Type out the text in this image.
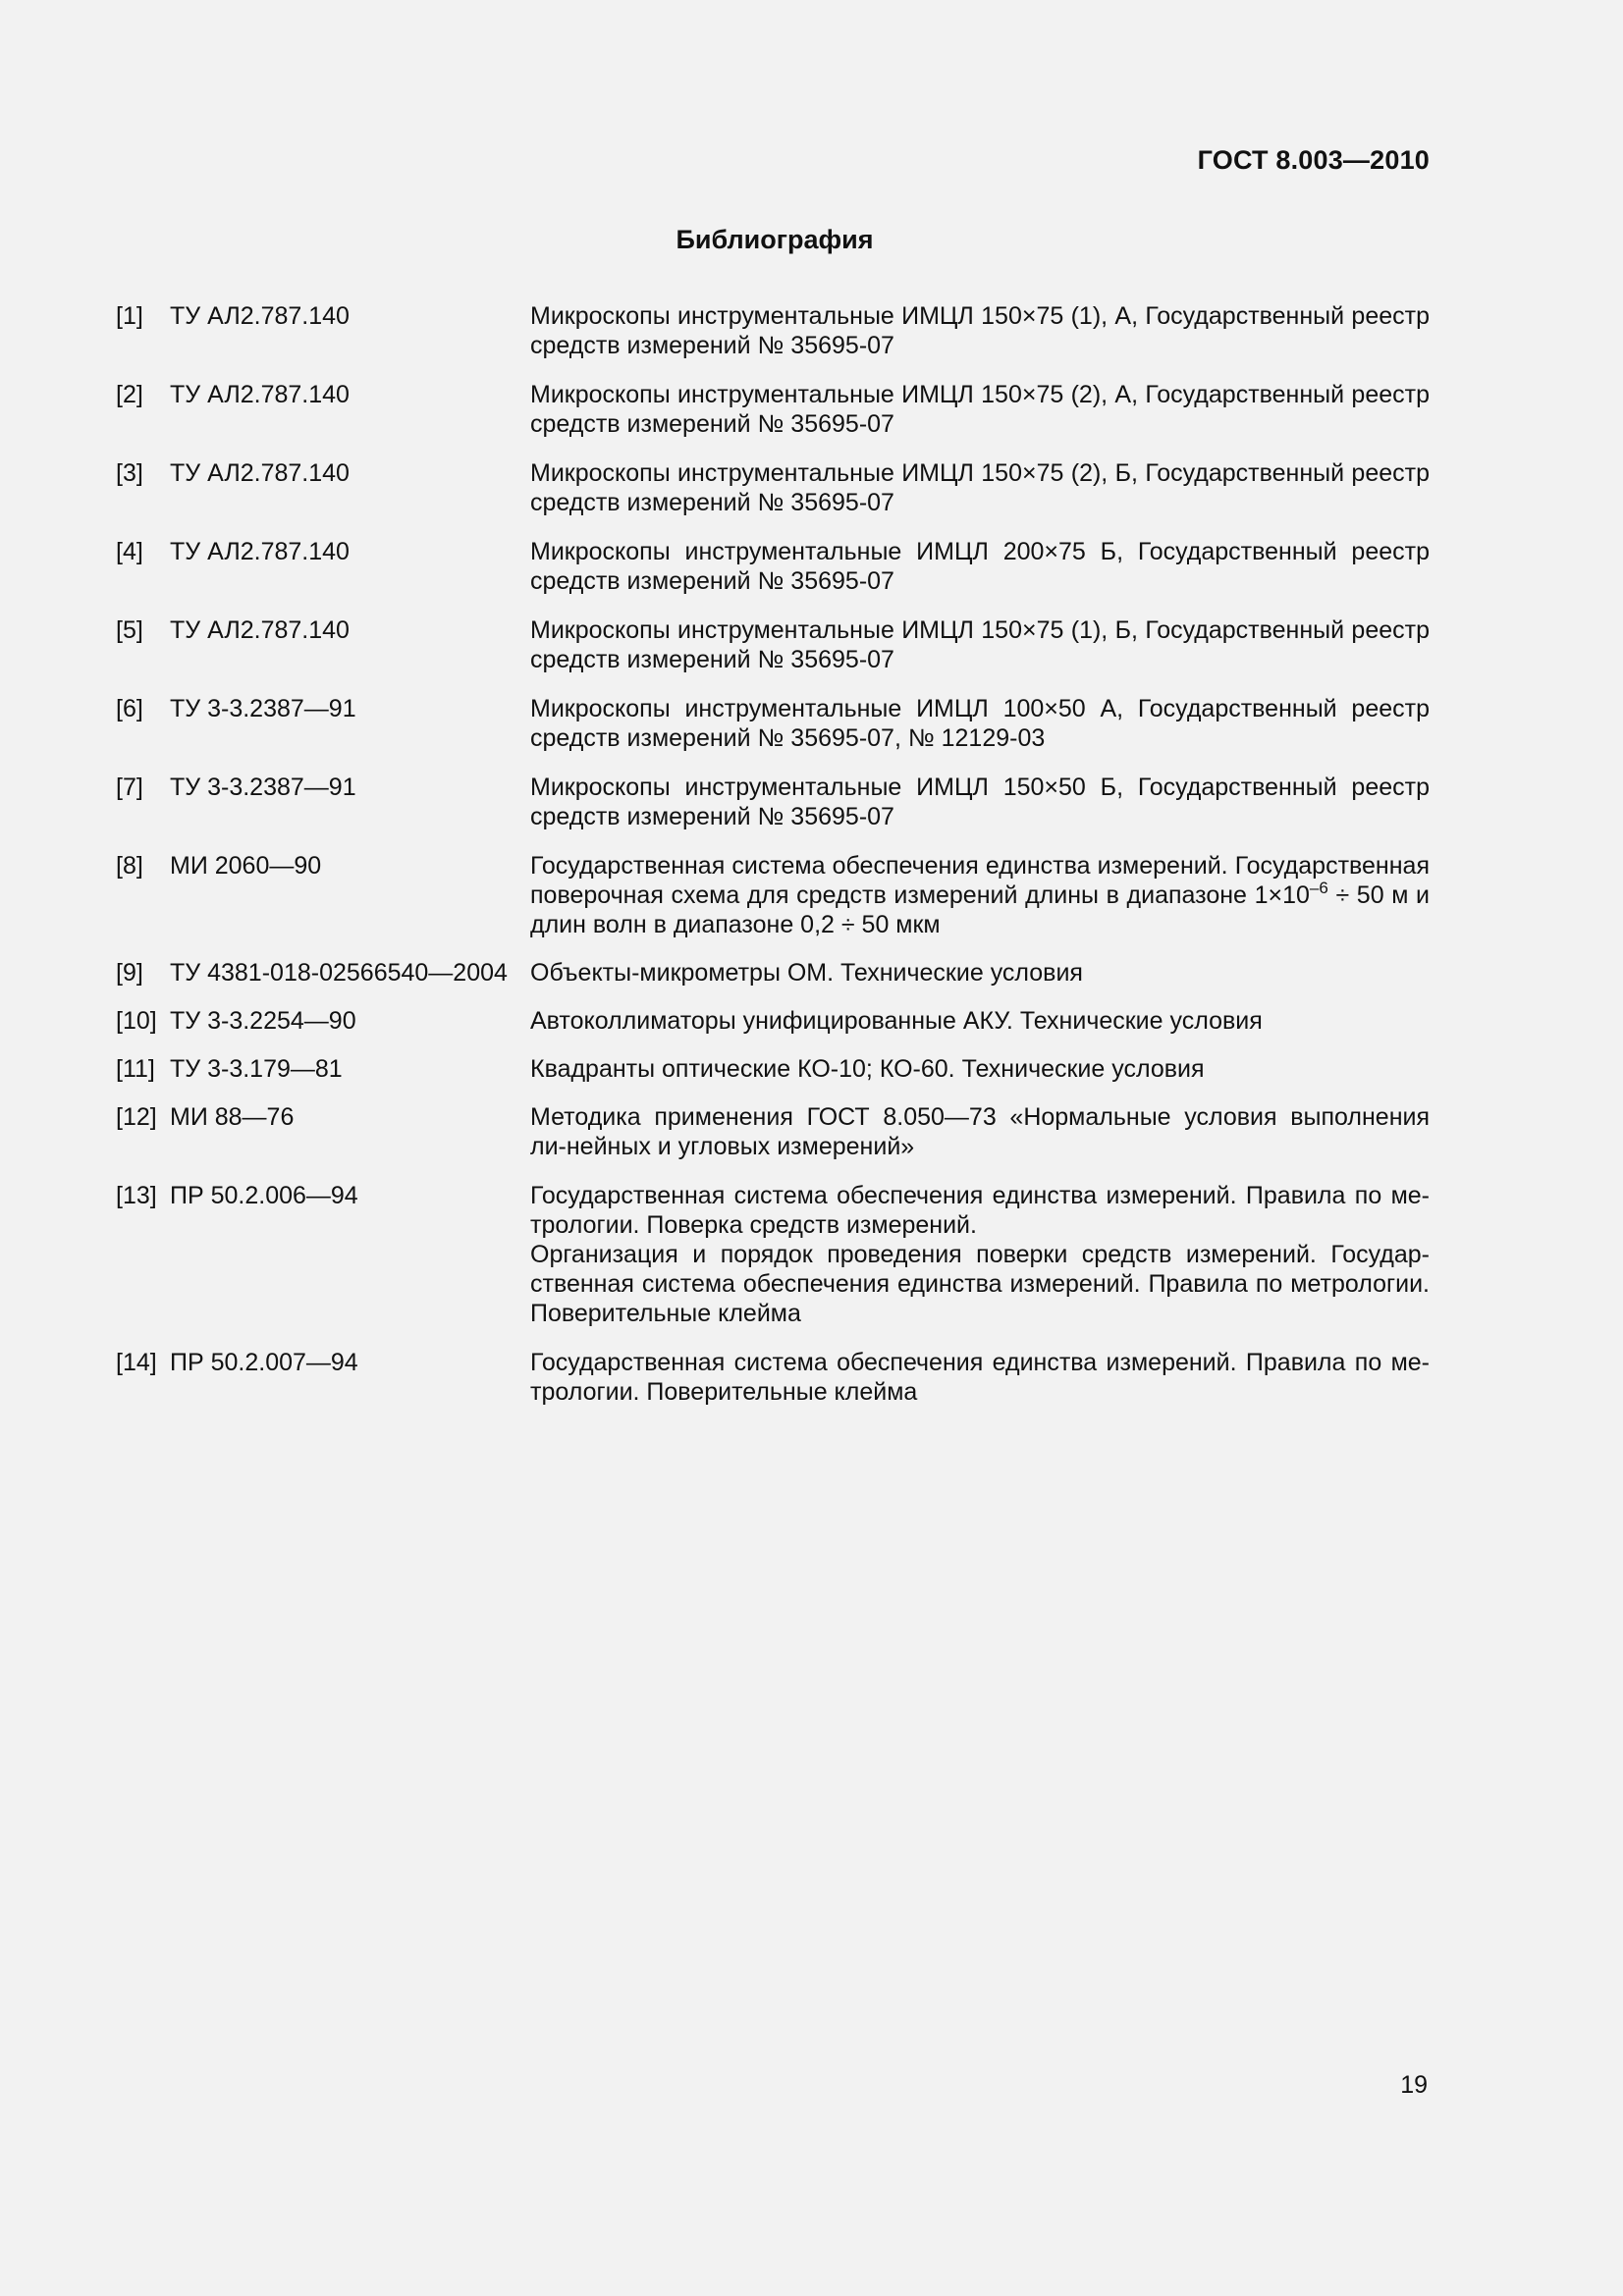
ГОСТ 8.003—2010
Библиография
[1]	ТУ АЛ2.787.140	Микроскопы инструментальные ИМЦЛ 150×75 (1), А, Государственный реестр средств измерений № 35695-07
[2]	ТУ АЛ2.787.140	Микроскопы инструментальные ИМЦЛ 150×75 (2), А, Государственный реестр средств измерений № 35695-07
[3]	ТУ АЛ2.787.140	Микроскопы инструментальные ИМЦЛ 150×75 (2), Б, Государственный реестр средств измерений № 35695-07
[4]	ТУ АЛ2.787.140	Микроскопы инструментальные ИМЦЛ 200×75 Б, Государственный реестр средств измерений № 35695-07
[5]	ТУ АЛ2.787.140	Микроскопы инструментальные ИМЦЛ 150×75 (1), Б, Государственный реестр средств измерений № 35695-07
[6]	ТУ 3-3.2387—91	Микроскопы инструментальные ИМЦЛ 100×50 А, Государственный реестр средств измерений № 35695-07, № 12129-03
[7]	ТУ 3-3.2387—91	Микроскопы инструментальные ИМЦЛ 150×50 Б, Государственный реестр средств измерений № 35695-07
[8]	МИ 2060—90	Государственная система обеспечения единства измерений. Государственная поверочная схема для средств измерений длины в диапазоне $1\times 10^{-6} \div 50$ м и длин волн в диапазоне 0,2 ÷ 50 мкм
[9]	ТУ 4381-018-02566540—2004 Объекты-микрометры ОМ. Технические условия
[10] ТУ 3-3.2254—90	Автоколлиматоры унифицированные АКУ. Технические условия
[11] ТУ 3-3.179—81	Квадранты оптические КО-10; КО-60. Технические условия
[12] МИ 88—76	Методика применения ГОСТ 8.050—73 «Нормальные условия выполнения ли-нейных и угловых измерений»
[13] ПР 50.2.006—94	Государственная система обеспечения единства измерений. Правила по ме-трологии. Поверка средств измерений.
Организация и порядок проведения поверки средств измерений. Государ-ственная система обеспечения единства измерений. Правила по метрологии. Поверительные клейма
[14] ПР 50.2.007—94	Государственная система обеспечения единства измерений. Правила по ме-трологии. Поверительные клейма
19
